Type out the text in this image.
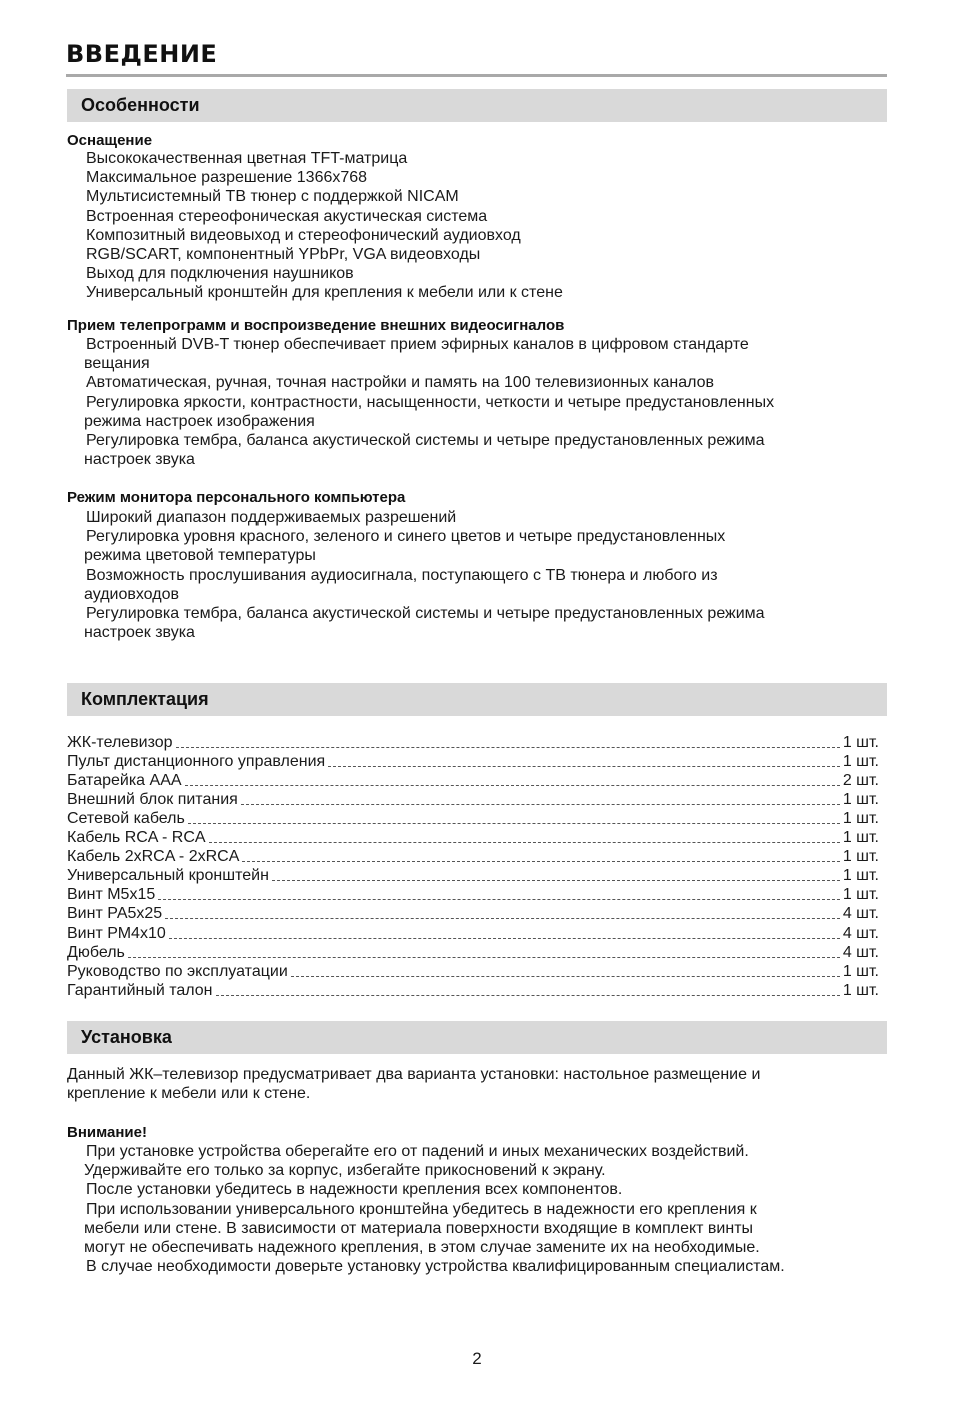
ВВЕДЕНИЕ
Особенности
Оснащение

Высококачественная цветная TFT-матрица

Максимальное разрешение 1366х768

Мультисистемный ТВ тюнер с поддержкой NICAM

Встроенная стереофоническая акустическая система

Композитный видеовыход и стереофонический аудиовход

RGB/SCART, компонентный YPbPr, VGA видеовходы

Выход для подключения наушников

Универсальный кронштейн для крепления к мебели или к стене

Прием телепрограмм и воспроизведение внешних видеосигналов

Встроенный DVB-T тюнер обеспечивает прием эфирных каналов в цифровом стандарте

вещания

Автоматическая, ручная, точная настройки и память на 100 телевизионных каналов

Регулировка яркости, контрастности, насыщенности, четкости и четыре предустановленных

режима настроек изображения

Регулировка тембра, баланса акустической системы и четыре предустановленных режима

настроек звука

Режим монитора персонального компьютера

Широкий диапазон поддерживаемых разрешений

Регулировка уровня красного, зеленого и синего цветов и четыре предустановленных

режима цветовой температуры

Возможность прослушивания аудиосигнала, поступающего с ТВ тюнера и любого из

аудиовходов

Регулировка тембра, баланса акустической системы и четыре предустановленных режима

настроек звука

Комплектация
ЖК-телевизор	1 шт.
Пульт дистанционного управления	1 шт.
Батарейка ААА	2 шт.
Внешний блок питания	1 шт.
Сетевой кабель	1 шт.
Кабель RCA - RCA	1 шт.
Кабель 2xRCA - 2xRCA	1 шт.
Универсальный кронштейн	1 шт.
Винт М5х15	1 шт.
Винт РА5х25	4 шт.
Винт РМ4х10	4 шт.
Дюбель	4 шт.
Руководство по эксплуатации	1 шт.
Гарантийный талон	1 шт.
Установка
Данный ЖК–телевизор предусматривает два варианта установки: настольное размещение и
крепление к мебели или к стене.
Внимание!

При установке устройства оберегайте его от падений и иных механических воздействий.

Удерживайте его только за корпус, избегайте прикосновений к экрану.

После установки убедитесь в надежности крепления всех компонентов.

При использовании универсального кронштейна убедитесь в надежности его крепления к

мебели или стене. В зависимости от материала поверхности входящие в комплект винты

могут не обеспечивать надежного крепления, в этом случае замените их на необходимые.

В случае необходимости доверьте установку устройства квалифицированным специалистам.

2
